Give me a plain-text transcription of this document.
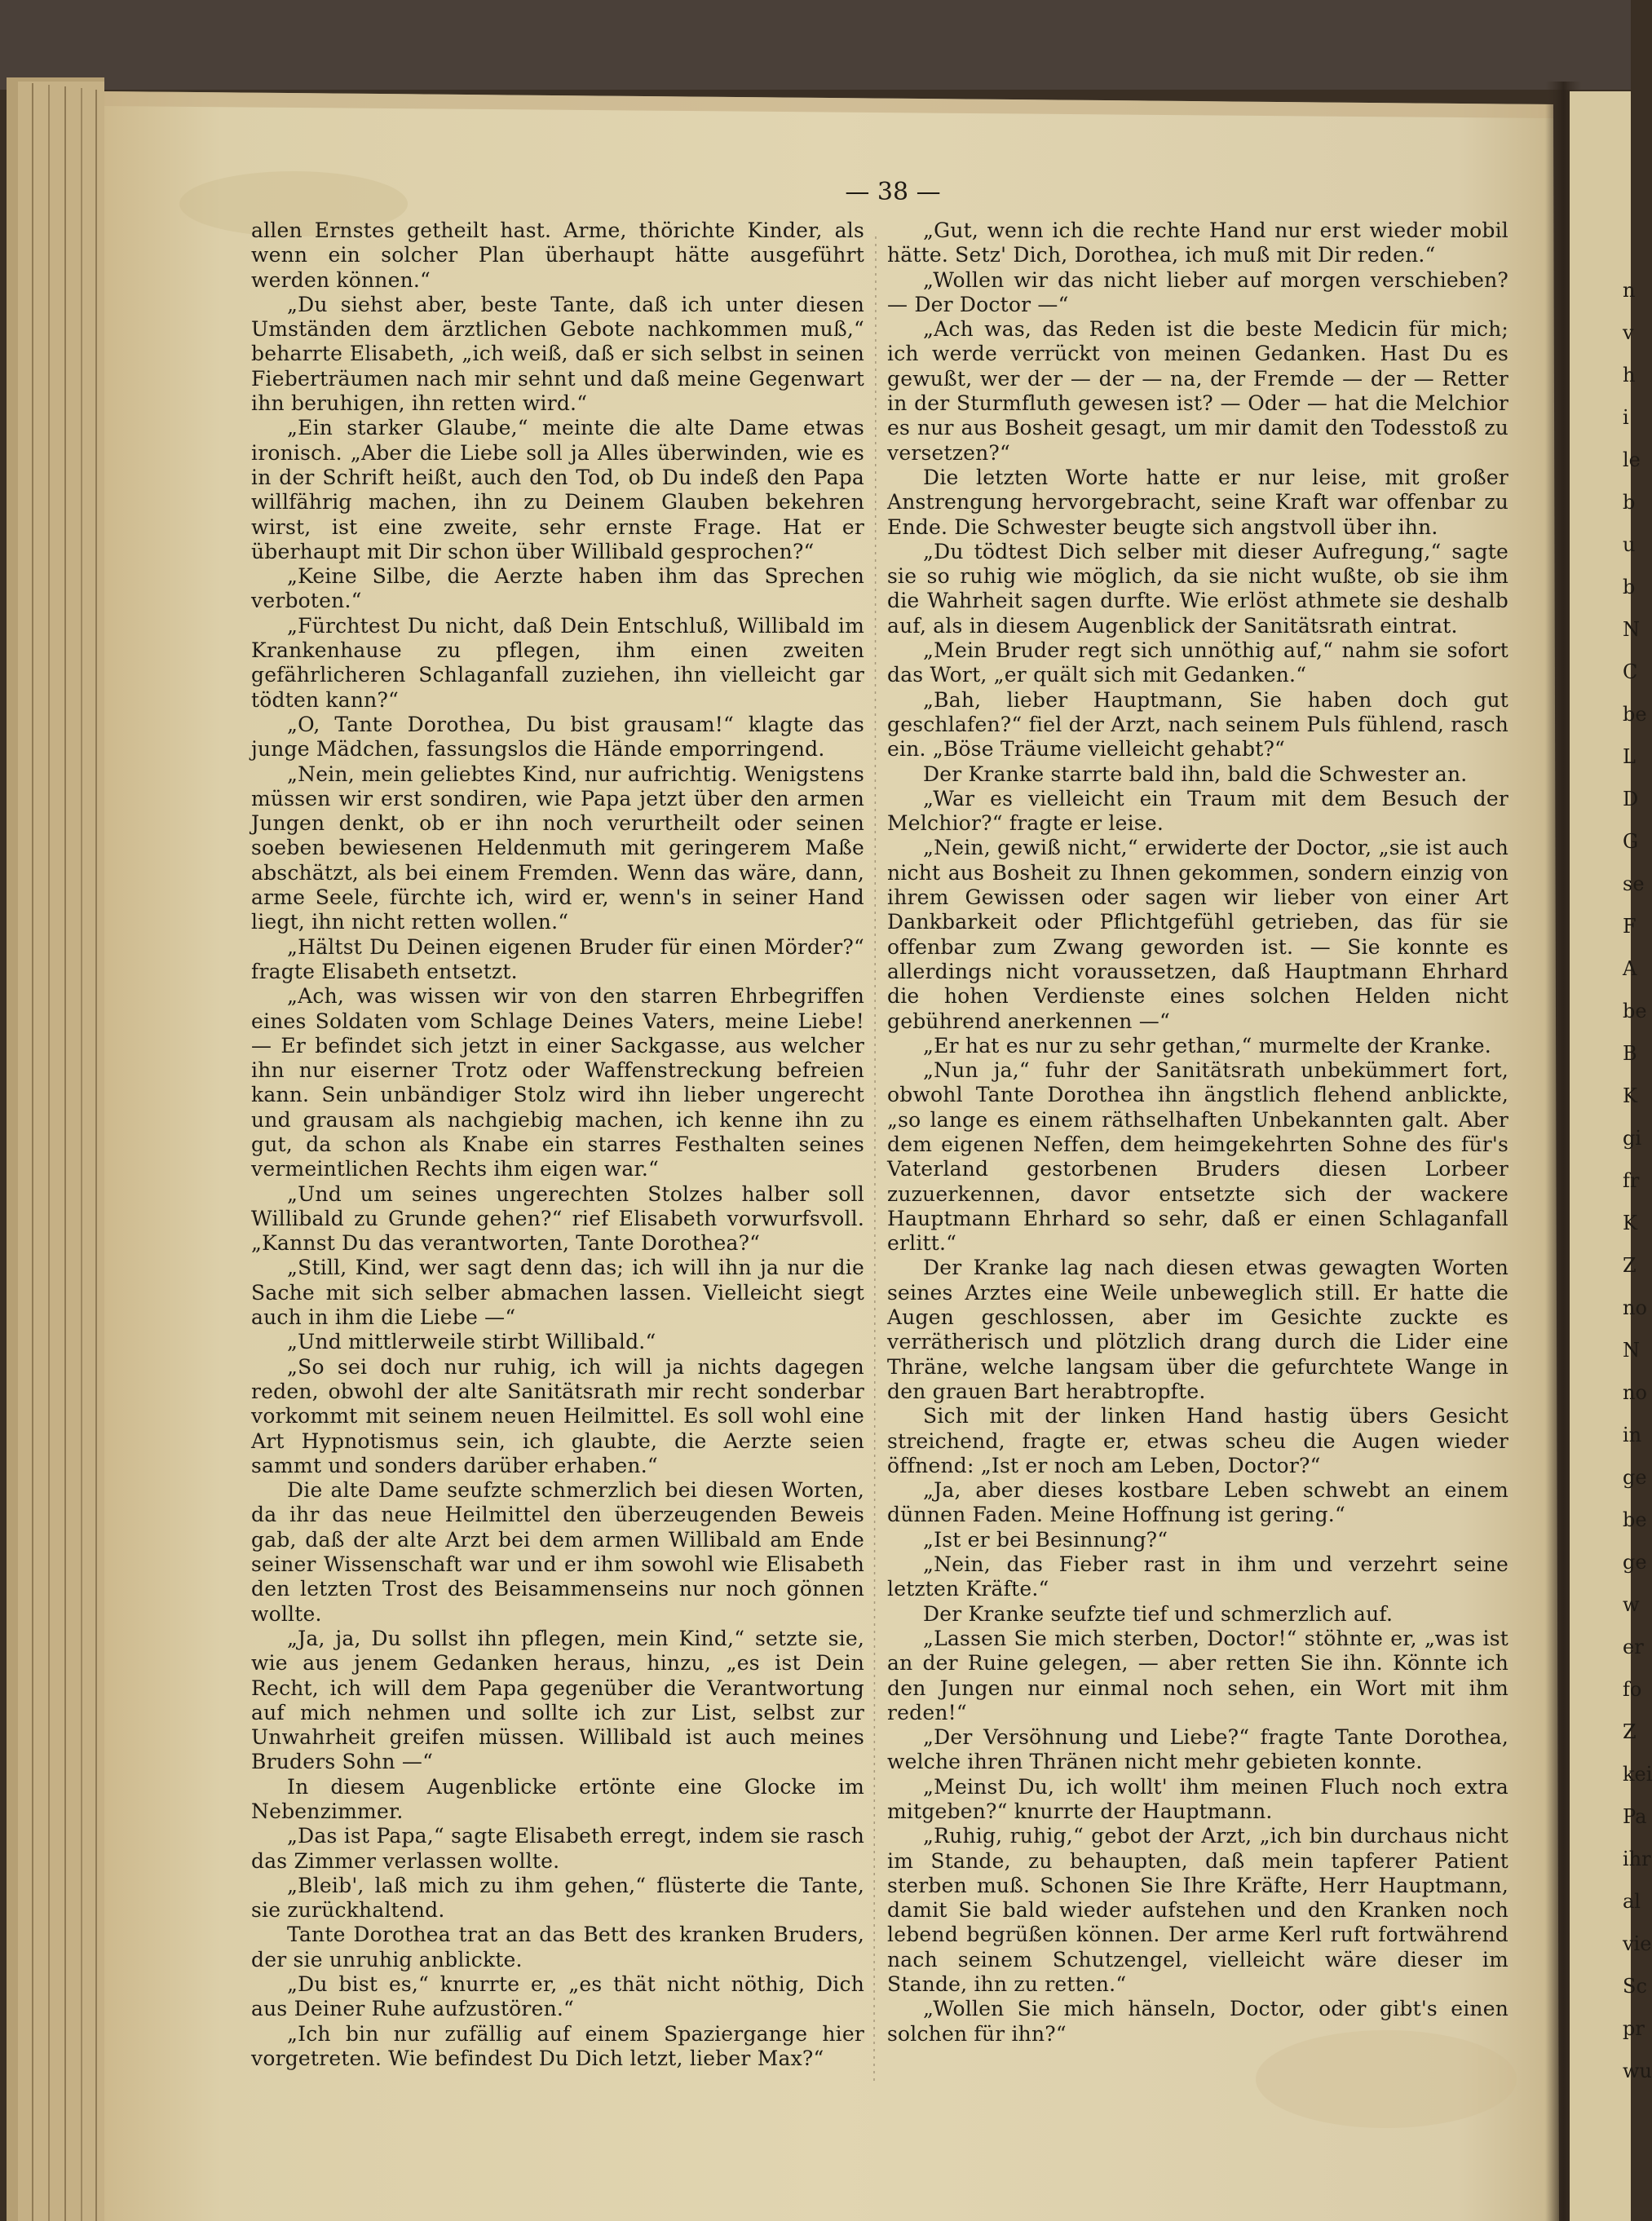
— 38 —

allen Ernstes getheilt hast. Arme, thörichte Kinder, als wenn ein solcher Plan überhaupt hätte ausgeführt werden können.“

„Du siehst aber, beste Tante, daß ich unter diesen Umständen dem ärztlichen Gebote nachkommen muß,“ beharrte Elisabeth, „ich weiß, daß er sich selbst in seinen Fieberträumen nach mir sehnt und daß meine Gegenwart ihn beruhigen, ihn retten wird.“

„Ein starker Glaube,“ meinte die alte Dame etwas ironisch. „Aber die Liebe soll ja Alles überwinden, wie es in der Schrift heißt, auch den Tod, ob Du indeß den Papa willfährig machen, ihn zu Deinem Glauben bekehren wirst, ist eine zweite, sehr ernste Frage. Hat er überhaupt mit Dir schon über Willibald gesprochen?“

„Keine Silbe, die Aerzte haben ihm das Sprechen verboten.“

„Fürchtest Du nicht, daß Dein Entschluß, Willibald im Krankenhause zu pflegen, ihm einen zweiten gefährlicheren Schlaganfall zuziehen, ihn vielleicht gar tödten kann?“

„O, Tante Dorothea, Du bist grausam!“ klagte das junge Mädchen, fassungslos die Hände emporringend.

„Nein, mein geliebtes Kind, nur aufrichtig. Wenigstens müssen wir erst sondiren, wie Papa jetzt über den armen Jungen denkt, ob er ihn noch verurtheilt oder seinen soeben bewiesenen Heldenmuth mit geringerem Maße abschätzt, als bei einem Fremden. Wenn das wäre, dann, arme Seele, fürchte ich, wird er, wenn's in seiner Hand liegt, ihn nicht retten wollen.“

„Hältst Du Deinen eigenen Bruder für einen Mörder?“ fragte Elisabeth entsetzt.

„Ach, was wissen wir von den starren Ehrbegriffen eines Soldaten vom Schlage Deines Vaters, meine Liebe! — Er befindet sich jetzt in einer Sackgasse, aus welcher ihn nur eiserner Trotz oder Waffenstreckung befreien kann. Sein unbändiger Stolz wird ihn lieber ungerecht und grausam als nachgiebig machen, ich kenne ihn zu gut, da schon als Knabe ein starres Festhalten seines vermeintlichen Rechts ihm eigen war.“

„Und um seines ungerechten Stolzes halber soll Willibald zu Grunde gehen?“ rief Elisabeth vorwurfsvoll. „Kannst Du das verantworten, Tante Dorothea?“

„Still, Kind, wer sagt denn das; ich will ihn ja nur die Sache mit sich selber abmachen lassen. Vielleicht siegt auch in ihm die Liebe —“

„Und mittlerweile stirbt Willibald.“

„So sei doch nur ruhig, ich will ja nichts dagegen reden, obwohl der alte Sanitätsrath mir recht sonderbar vorkommt mit seinem neuen Heilmittel. Es soll wohl eine Art Hypnotismus sein, ich glaubte, die Aerzte seien sammt und sonders darüber erhaben.“

Die alte Dame seufzte schmerzlich bei diesen Worten, da ihr das neue Heilmittel den überzeugenden Beweis gab, daß der alte Arzt bei dem armen Willibald am Ende seiner Wissenschaft war und er ihm sowohl wie Elisabeth den letzten Trost des Beisammenseins nur noch gönnen wollte.

„Ja, ja, Du sollst ihn pflegen, mein Kind,“ setzte sie, wie aus jenem Gedanken heraus, hinzu, „es ist Dein Recht, ich will dem Papa gegenüber die Verantwortung auf mich nehmen und sollte ich zur List, selbst zur Unwahrheit greifen müssen. Willibald ist auch meines Bruders Sohn —“

In diesem Augenblicke ertönte eine Glocke im Nebenzimmer.

„Das ist Papa,“ sagte Elisabeth erregt, indem sie rasch das Zimmer verlassen wollte.

„Bleib', laß mich zu ihm gehen,“ flüsterte die Tante, sie zurückhaltend.

Tante Dorothea trat an das Bett des kranken Bruders, der sie unruhig anblickte.

„Du bist es,“ knurrte er, „es thät nicht nöthig, Dich aus Deiner Ruhe aufzustören.“

„Ich bin nur zufällig auf einem Spaziergange hier vorgetreten. Wie befindest Du Dich letzt, lieber Max?“

„Gut, wenn ich die rechte Hand nur erst wieder mobil hätte. Setz' Dich, Dorothea, ich muß mit Dir reden.“

„Wollen wir das nicht lieber auf morgen verschieben? — Der Doctor —“

„Ach was, das Reden ist die beste Medicin für mich; ich werde verrückt von meinen Gedanken. Hast Du es gewußt, wer der — der — na, der Fremde — der — Retter in der Sturmfluth gewesen ist? — Oder — hat die Melchior es nur aus Bosheit gesagt, um mir damit den Todesstoß zu versetzen?“

Die letzten Worte hatte er nur leise, mit großer Anstrengung hervorgebracht, seine Kraft war offenbar zu Ende. Die Schwester beugte sich angstvoll über ihn.

„Du tödtest Dich selber mit dieser Aufregung,“ sagte sie so ruhig wie möglich, da sie nicht wußte, ob sie ihm die Wahrheit sagen durfte. Wie erlöst athmete sie deshalb auf, als in diesem Augenblick der Sanitätsrath eintrat.

„Mein Bruder regt sich unnöthig auf,“ nahm sie sofort das Wort, „er quält sich mit Gedanken.“

„Bah, lieber Hauptmann, Sie haben doch gut geschlafen?“ fiel der Arzt, nach seinem Puls fühlend, rasch ein. „Böse Träume vielleicht gehabt?“

Der Kranke starrte bald ihn, bald die Schwester an.

„War es vielleicht ein Traum mit dem Besuch der Melchior?“ fragte er leise.

„Nein, gewiß nicht,“ erwiderte der Doctor, „sie ist auch nicht aus Bosheit zu Ihnen gekommen, sondern einzig von ihrem Gewissen oder sagen wir lieber von einer Art Dankbarkeit oder Pflichtgefühl getrieben, das für sie offenbar zum Zwang geworden ist. — Sie konnte es allerdings nicht voraussetzen, daß Hauptmann Ehrhard die hohen Verdienste eines solchen Helden nicht gebührend anerkennen —“

„Er hat es nur zu sehr gethan,“ murmelte der Kranke.

„Nun ja,“ fuhr der Sanitätsrath unbekümmert fort, obwohl Tante Dorothea ihn ängstlich flehend anblickte, „so lange es einem räthselhaften Unbekannten galt. Aber dem eigenen Neffen, dem heimgekehrten Sohne des für's Vaterland gestorbenen Bruders diesen Lorbeer zuzuerkennen, davor entsetzte sich der wackere Hauptmann Ehrhard so sehr, daß er einen Schlaganfall erlitt.“

Der Kranke lag nach diesen etwas gewagten Worten seines Arztes eine Weile unbeweglich still. Er hatte die Augen geschlossen, aber im Gesichte zuckte es verrätherisch und plötzlich drang durch die Lider eine Thräne, welche langsam über die gefurchtete Wange in den grauen Bart herabtropfte.

Sich mit der linken Hand hastig übers Gesicht streichend, fragte er, etwas scheu die Augen wieder öffnend: „Ist er noch am Leben, Doctor?“

„Ja, aber dieses kostbare Leben schwebt an einem dünnen Faden. Meine Hoffnung ist gering.“

„Ist er bei Besinnung?“

„Nein, das Fieber rast in ihm und verzehrt seine letzten Kräfte.“

Der Kranke seufzte tief und schmerzlich auf.

„Lassen Sie mich sterben, Doctor!“ stöhnte er, „was ist an der Ruine gelegen, — aber retten Sie ihn. Könnte ich den Jungen nur einmal noch sehen, ein Wort mit ihm reden!“

„Der Versöhnung und Liebe?“ fragte Tante Dorothea, welche ihren Thränen nicht mehr gebieten konnte.

„Meinst Du, ich wollt' ihm meinen Fluch noch extra mitgeben?“ knurrte der Hauptmann.

„Ruhig, ruhig,“ gebot der Arzt, „ich bin durchaus nicht im Stande, zu behaupten, daß mein tapferer Patient sterben muß. Schonen Sie Ihre Kräfte, Herr Hauptmann, damit Sie bald wieder aufstehen und den Kranken noch lebend begrüßen können. Der arme Kerl ruft fortwährend nach seinem Schutzengel, vielleicht wäre dieser im Stande, ihn zu retten.“

„Wollen Sie mich hänseln, Doctor, oder gibt's einen solchen für ihn?“

n
v
h
i
le
b
u
b
N
C
be
L
D
G
se
F
A
be
B
K
gi
fr
K
Z
no
N
no
in
ge
be
ge
w
er
fo
Z
kei
Pa
ihr
al
vie
Sc
pr
wu
